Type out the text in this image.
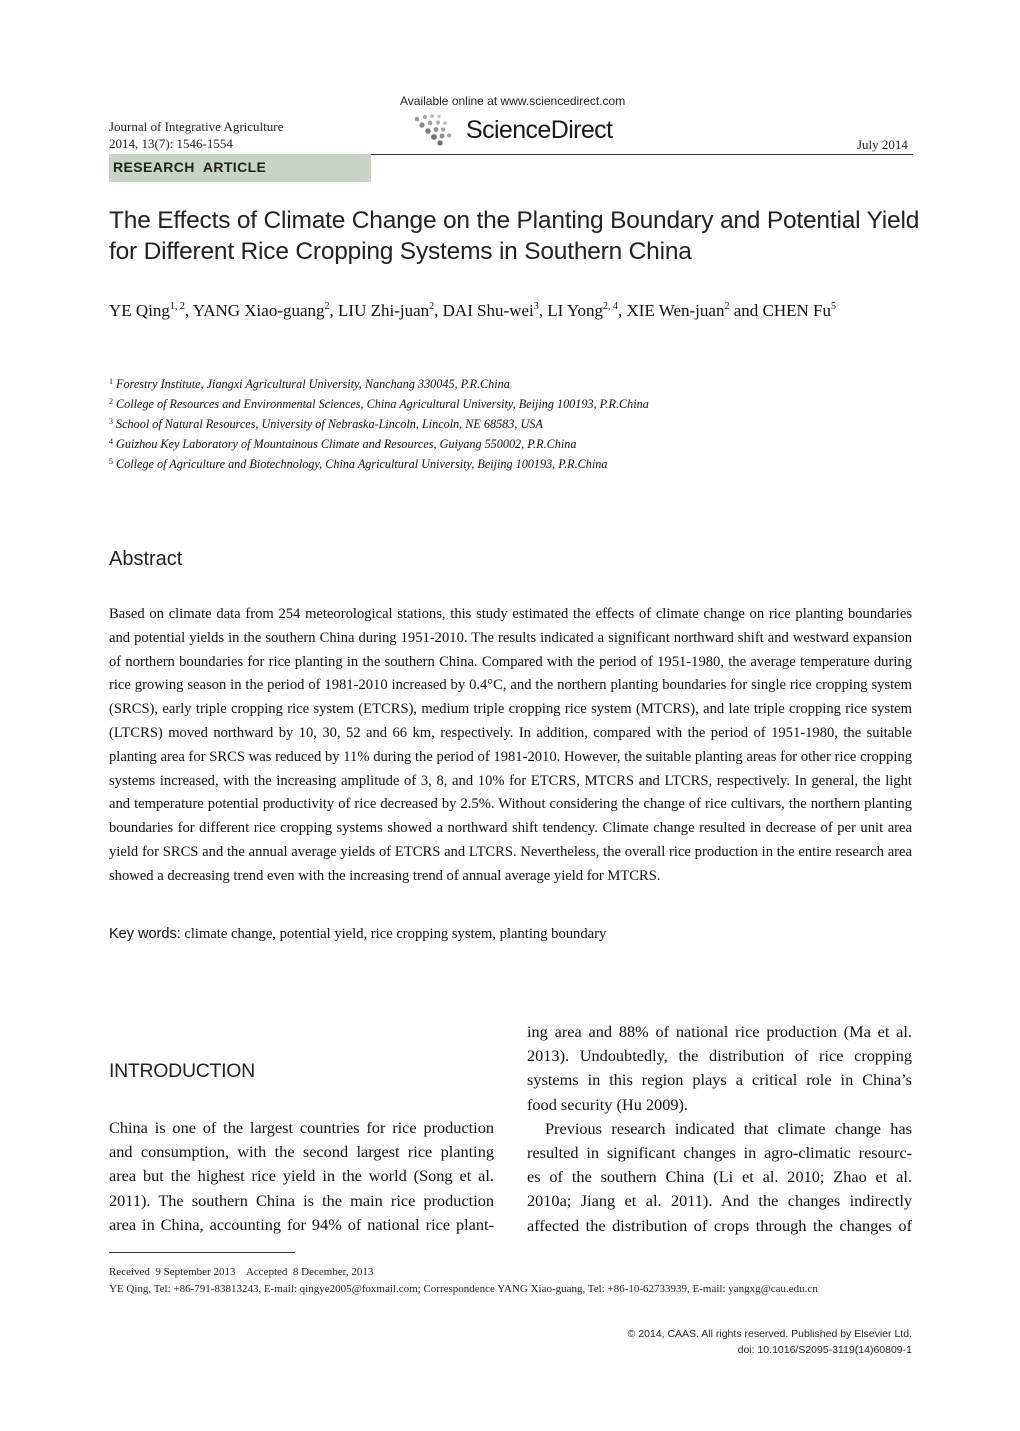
Available online at www.sciencedirect.com
Journal of Integrative Agriculture
2014, 13(7): 1546-1554	ScienceDirect
July 2014
RESEARCH  ARTICLE
The Effects of Climate Change on the Planting Boundary and Potential Yield for Different Rice Cropping Systems in Southern China
YE Qing$^{1, 2}$, YANG Xiao-guang$^2$, LIU Zhi-juan$^2$, DAI Shu-wei$^3$, LI Yong$^{2, 4}$, XIE Wen-juan$^2$ and CHEN Fu$^5$
$^1$ Forestry Institute, Jiangxi Agricultural University, Nanchang 330045, P.R.China
$^2$ College of Resources and Environmental Sciences, China Agricultural University, Beijing 100193, P.R.China
$^3$ School of Natural Resources, University of Nebraska-Lincoln, Lincoln, NE 68583, USA
$^4$ Guizhou Key Laboratory of Mountainous Climate and Resources, Guiyang 550002, P.R.China
$^5$ College of Agriculture and Biotechnology, China Agricultural University, Beijing 100193, P.R.China
Abstract
Based on climate data from 254 meteorological stations, this study estimated the effects of climate change on rice planting boundaries and potential yields in the southern China during 1951-2010. The results indicated a significant northward shift and westward expansion of northern boundaries for rice planting in the southern China. Compared with the period of 1951-1980, the average temperature during rice growing season in the period of 1981-2010 increased by 0.4°C, and the northern planting boundaries for single rice cropping system (SRCS), early triple cropping rice system (ETCRS), medium triple cropping rice system (MTCRS), and late triple cropping rice system (LTCRS) moved northward by 10, 30, 52 and 66 km, respectively. In addition, compared with the period of 1951-1980, the suitable planting area for SRCS was reduced by 11% during the period of 1981-2010. However, the suitable planting areas for other rice cropping systems increased, with the increasing amplitude of 3, 8, and 10% for ETCRS, MTCRS and LTCRS, respectively. In general, the light and temperature potential productivity of rice decreased by 2.5%. Without considering the change of rice cultivars, the northern planting boundaries for different rice cropping systems showed a northward shift tendency. Climate change resulted in decrease of per unit area yield for SRCS and the annual average yields of ETCRS and LTCRS. Nevertheless, the overall rice production in the entire research area showed a decreasing trend even with the increasing trend of annual average yield for MTCRS.
Key words: climate change, potential yield, rice cropping system, planting boundary
INTRODUCTION
China is one of the largest countries for rice production
and consumption, with the second largest rice planting
area but the highest rice yield in the world (Song et al.
2011). The southern China is the main rice production
area in China, accounting for 94% of national rice plant-
ing area and 88% of national rice production (Ma et al.
2013). Undoubtedly, the distribution of rice cropping
systems in this region plays a critical role in China’s
food security (Hu 2009).
Previous research indicated that climate change has
resulted in significant changes in agro-climatic resourc-
es of the southern China (Li et al. 2010; Zhao et al.
2010a; Jiang et al. 2011). And the changes indirectly
affected the distribution of crops through the changes of
Received  9 September 2013    Accepted  8 December, 2013
YE Qing, Tel: +86-791-83813243, E-mail: qingye2005@foxmail.com; Correspondence YANG Xiao-guang, Tel: +86-10-62733939, E-mail: yangxg@cau.edu.cn
© 2014, CAAS. All rights reserved. Published by Elsevier Ltd.
doi: 10.1016/S2095-3119(14)60809-1
